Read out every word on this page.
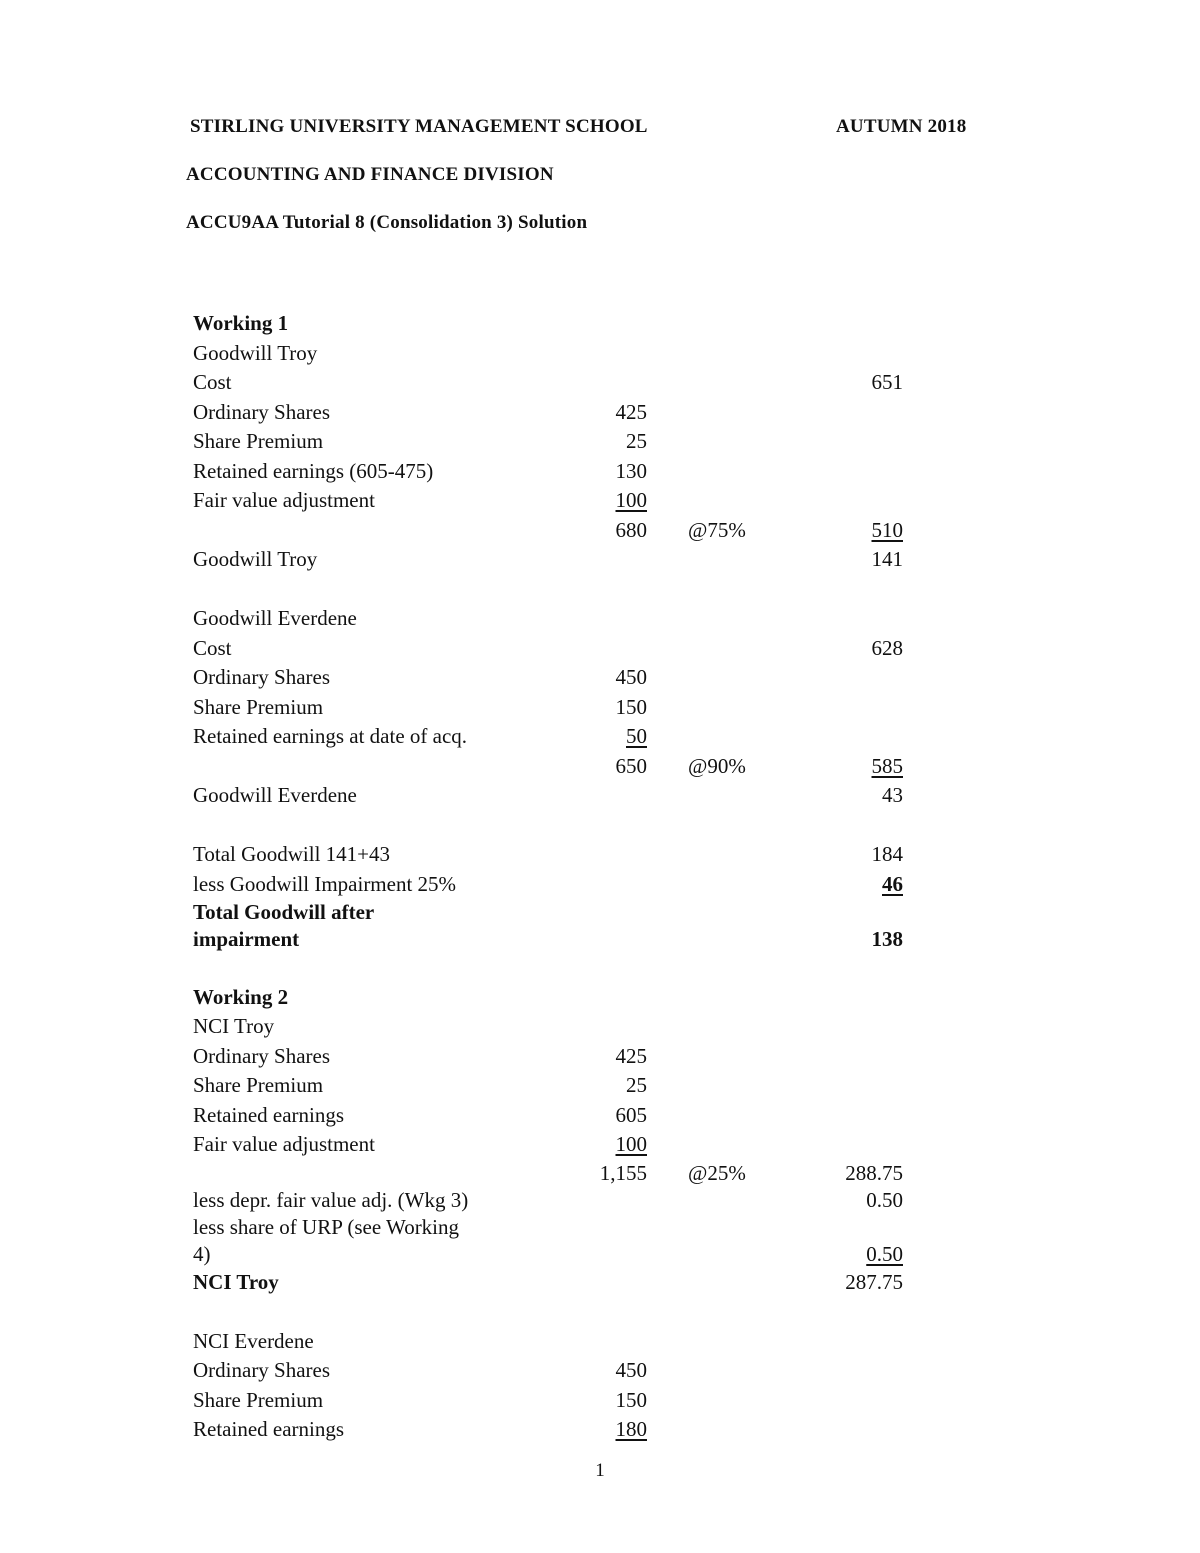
STIRLING UNIVERSITY MANAGEMENT SCHOOL	AUTUMN 2018
ACCOUNTING AND FINANCE DIVISION
ACCU9AA Tutorial 8 (Consolidation 3) Solution
Working 1
Goodwill Troy
Cost	651
Ordinary Shares	425
Share Premium	25
Retained earnings (605-475)	130
Fair value adjustment	100
680 @75%	510
Goodwill Troy	141
Goodwill Everdene
Cost	628
Ordinary Shares	450
Share Premium	150
Retained earnings at date of acq.	50
650 @90%	585
Goodwill Everdene	43
Total Goodwill 141+43	184
less Goodwill Impairment 25%	46
Total Goodwill after
impairment	138
Working 2
NCI Troy
Ordinary Shares	425
Share Premium	25
Retained earnings	605
Fair value adjustment	100
1,155 @25%	288.75
less depr. fair value adj. (Wkg 3)	0.50
less share of URP (see Working
4)	0.50
NCI Troy	287.75
NCI Everdene
Ordinary Shares	450
Share Premium	150
Retained earnings	180
1
